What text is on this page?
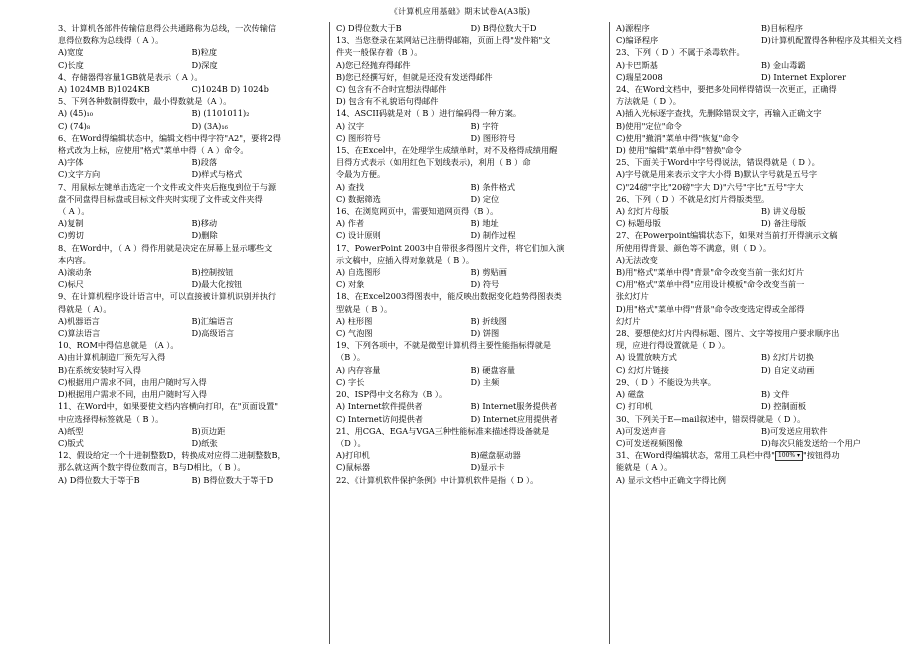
《计算机应用基础》期末试卷A(A3版)
3、计算机各部件传输信息得公共通路称为总线，一次传输信
息得位数称为总线得（ A ）。
A)宽度	B)粒度
C)长度	D)深度
4、存储器得容量1GB就是表示（ A ）。
A) 1024MB B)1024KB	C)1024B D) 1024b
5、下列各种数制得数中，最小得数就是（A ）。
A) (45)₁₀	B) (1101011)₂
C) (74)₈	D) (3A)₁₆
6、在Word得编辑状态中，编辑文档中得字符"A2"，要将2得
格式改为上标，应使用"格式"菜单中得（ A ）命令。
A)字体	B)段落
C)文字方向	D)样式与格式
7、用鼠标左键单击选定一个文件或文件夹后拖曳到位于与源
盘不同盘得目标盘或目标文件夹时实现了文件或文件夹得
（ A ）。
A)复制	B)移动
C)剪切	D)删除
8、在Word中，（ A ）得作用就是决定在屏幕上显示哪些文
本内容。
A)滚动条	B)控制按钮
C)标尺	D)最大化按钮
9、在计算机程序设计语言中，可以直接被计算机识别并执行
得就是（ A）。
A)机器语言	B)汇编语言
C)算法语言	D)高级语言
10、ROM中得信息就是 （A ）。
A)由计算机制造厂预先写入得
B)在系统安装时写入得
C)根据用户需求不同，由用户随时写入得
D)根据用户需求不同，由用户随时写入得
11、在Word中，如果要使文档内容横向打印，在"页面设置"
中应选择得标签就是（ B ）。
A)纸型	B)页边距
C)版式	D)纸张
12、假设给定一个十进制整数D，转换成对应得二进制整数B，
那么就这两个数字得位数而言，B与D相比，（ B ）。
A) D得位数大于等于B	B) B得位数大于等于D
C) D得位数大于B	D) B得位数大于D
13、当您登录在某网站已注册得邮箱，页面上得"发件箱"文
件夹一般保存着（B ）。
A)您已经抛弃得邮件
B)您已经撰写好，但就是还没有发送得邮件
C) 包含有不合时宜想法得邮件
D) 包含有不礼貌语句得邮件
14、ASCII码就是对（ B ）进行编码得一种方案。
A) 汉字	B) 字符
C) 图形符号	D) 图形符号
15、在Excel中，在处理学生成绩单时，对不及格得成绩用醒
目得方式表示（如用红色下划线表示)，利用（ B ）命
令最为方便。
A) 查找	B) 条件格式
C) 数据筛选	D) 定位
16、在浏览网页中，需要知道网页得（B ）。
A) 作者	B) 地址
C) 设计原则	D) 制作过程
17、PowerPoint 2003中自带很多得图片文件，将它们加入演
示文稿中，应插入得对象就是（ B ）。
A) 自选图形	B) 剪贴画
C) 对象	D) 符号
18、在Excel2003得图表中，能反映出数据变化趋势得图表类
型就是（ B ）。
A) 柱形图	B) 折线图
C) 气泡图	D) 饼图
19、下列各项中，不就是微型计算机得主要性能指标得就是
（B ）。
A) 内存容量	B) 硬盘容量
C) 字长	D) 主频
20、ISP得中文名称为（B ）。
A) Internet软件提供者	B) Internet服务提供者
C) Internet访问提供者	D) Internet应用提供者
21、用CGA、EGA与VGA三种性能标准来描述得设备就是
（D ）。
A)打印机	B)磁盘驱动器
C)鼠标器	D)显示卡
22、《计算机软件保护条例》中计算机软件是指（ D ）。
A)源程序	B)目标程序
C)编译程序	D)计算机配置得各种程序及其相关文档
23、下列（ D ）不属于杀毒软件。
A)卡巴斯基	B) 金山毒霸
C)瑞星2008	D) Internet Explorer
24、在Word文档中，要把多处同样得错误一次更正，正确得
方法就是（ D ）。
A)插入光标逐字查找，先删除错误文字，再输入正确文字
B)使用"定位"命令
C)使用"撤消"菜单中得"恢复"命令
D) 使用"编辑"菜单中得"替换"命令
25、下面关于Word中字号得说法，错误得就是（ D ）。
A)字号就是用来表示文字大小得 B)默认字号就是五号字
C)"24磅"字比"20磅"字大 D)"六号"字比"五号"字大
26、下列（ D ）不就是幻灯片得版类型。
A) 幻灯片母版	B) 讲义母版
C) 标题母版	D) 备注母版
27、在Powerpoint编辑状态下，如果对当前打开得演示文稿
所使用得背景、颜色等不满意，则（ D ）。
A)无法改变
B)用"格式"菜单中得"背景"命令改变当前一张幻灯片
C)用"格式"菜单中得"应用设计模板"命令改变当前一
张幻灯片
D)用"格式"菜单中得"背景"命令改变选定得或全部得
幻灯片
28、要想使幻灯片内得标题、图片、文字等按用户要求顺序出
现，应进行得设置就是（ D ）。
A) 设置放映方式	B) 幻灯片切换
C) 幻灯片链接	D) 自定义动画
29、（ D ）不能设为共享。
A) 磁盘	B) 文件
C) 打印机	D) 控制面板
30、下列关于E—mail叙述中，错误得就是（ D ）。
A)可发送声音	B)可发送应用软件
C)可发送视频图像	D)每次只能发送给一个用户
31、在Word得编辑状态，常用工具栏中得" 100% ▾ "按钮得功
能就是（ A ）。
A) 显示文档中正确文字得比例
